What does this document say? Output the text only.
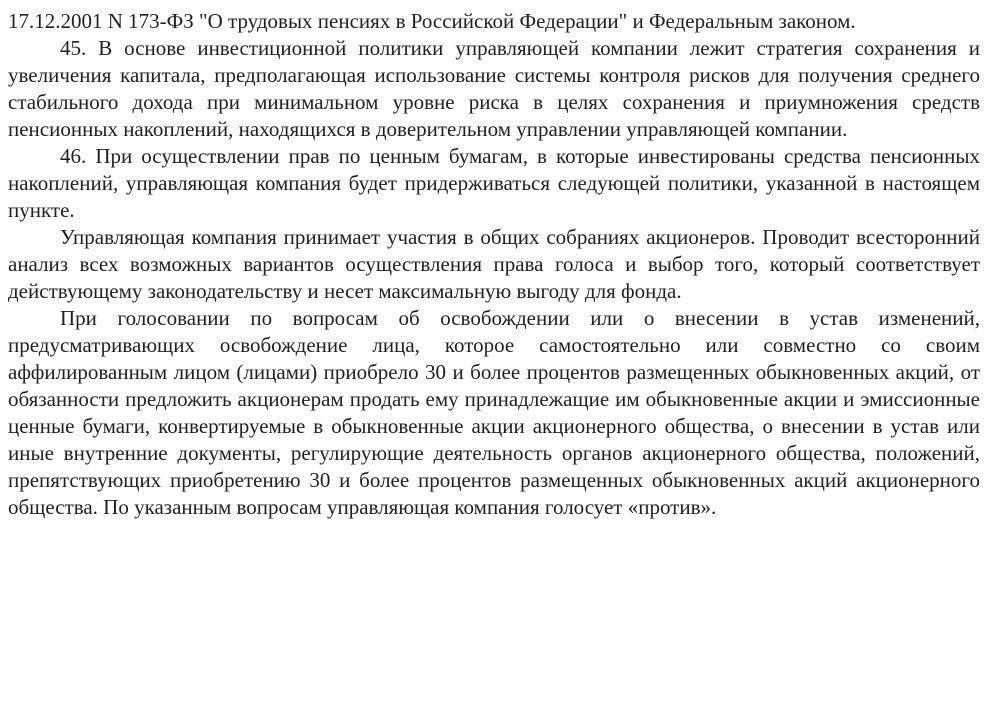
17.12.2001 N 173-ФЗ "О трудовых пенсиях в Российской Федерации" и Федеральным законом.

45. В основе инвестиционной политики управляющей компании лежит стратегия сохранения и увеличения капитала, предполагающая использование системы контроля рисков для получения среднего стабильного дохода при минимальном уровне риска в целях сохранения и приумножения средств пенсионных накоплений, находящихся в доверительном управлении управляющей компании.

46. При осуществлении прав по ценным бумагам, в которые инвестированы средства пенсионных накоплений, управляющая компания будет придерживаться следующей политики, указанной в настоящем пункте.

Управляющая компания принимает участия в общих собраниях акционеров. Проводит всесторонний анализ всех возможных вариантов осуществления права голоса и выбор того, который соответствует действующему законодательству и несет максимальную выгоду для фонда.

При голосовании по вопросам об освобождении или о внесении в устав изменений, предусматривающих освобождение лица, которое самостоятельно или совместно со своим аффилированным лицом (лицами) приобрело 30 и более процентов размещенных обыкновенных акций, от обязанности предложить акционерам продать ему принадлежащие им обыкновенные акции и эмиссионные ценные бумаги, конвертируемые в обыкновенные акции акционерного общества, о внесении в устав или иные внутренние документы, регулирующие деятельность органов акционерного общества, положений, препятствующих приобретению 30 и более процентов размещенных обыкновенных акций акционерного общества. По указанным вопросам управляющая компания голосует «против».
